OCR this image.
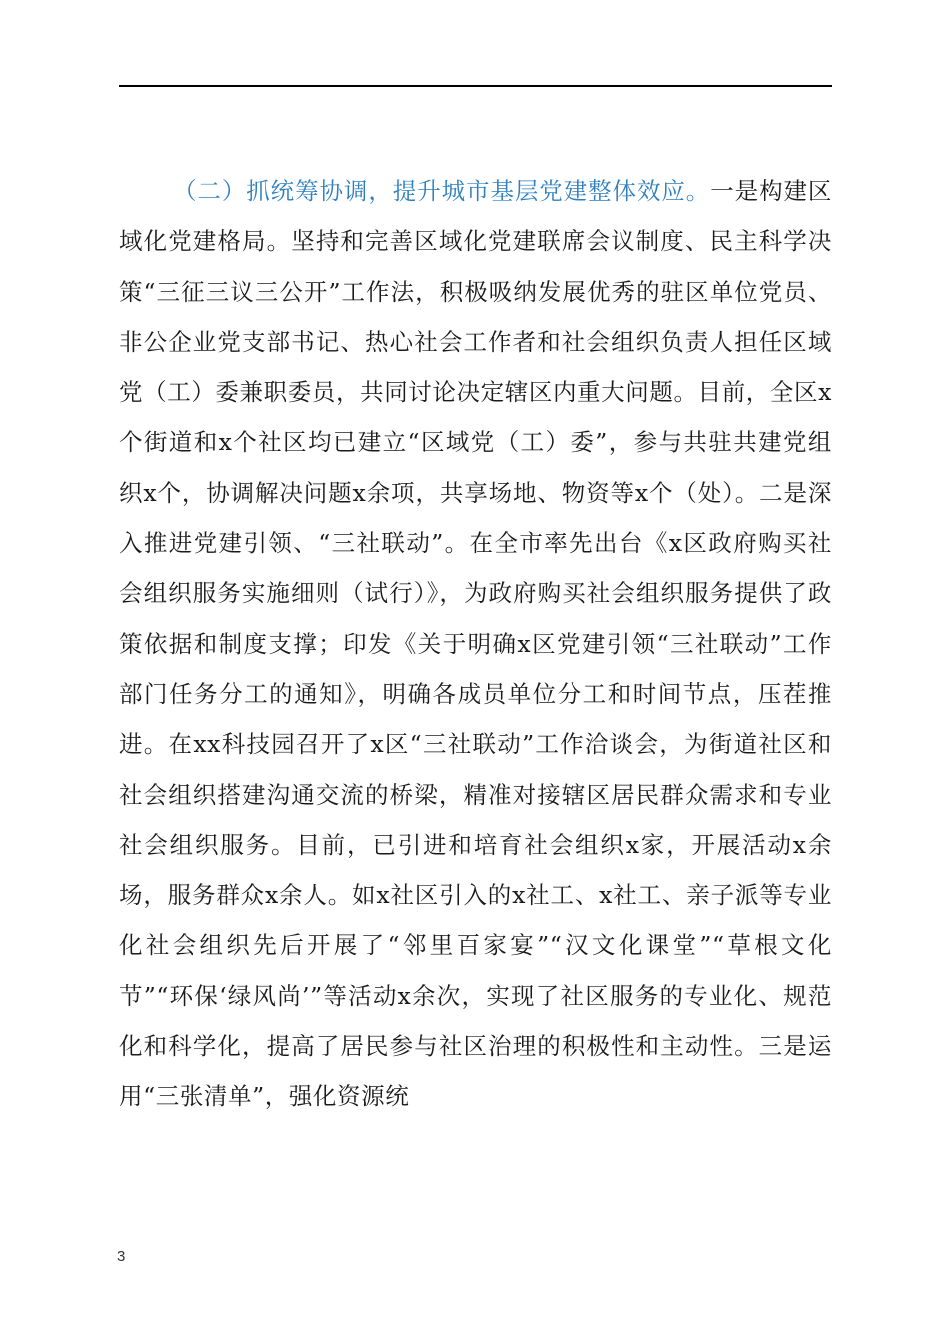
（二）抓统筹协调，提升城市基层党建整体效应。一是构建区域化党建格局。坚持和完善区域化党建联席会议制度、民主科学决策“三征三议三公开”工作法，积极吸纳发展优秀的驻区单位党员、非公企业党支部书记、热心社会工作者和社会组织负责人担任区域党（工）委兼职委员，共同讨论决定辖区内重大问题。目前，全区x个街道和x个社区均已建立“区域党（工）委”，参与共驻共建党组织x个，协调解决问题x余项，共享场地、物资等x个（处）。二是深入推进党建引领、“三社联动”。在全市率先出台《x区政府购买社会组织服务实施细则（试行）》，为政府购买社会组织服务提供了政策依据和制度支撑；印发《关于明确x区党建引领“三社联动”工作部门任务分工的通知》，明确各成员单位分工和时间节点，压茬推进。在xx科技园召开了x区“三社联动”工作洽谈会，为街道社区和社会组织搭建沟通交流的桥梁，精准对接辖区居民群众需求和专业社会组织服务。目前，已引进和培育社会组织x家，开展活动x余场，服务群众x余人。如x社区引入的x社工、x社工、亲子派等专业化社会组织先后开展了“邻里百家宴”“汉文化课堂”“草根文化节”“环保‘绿风尚’”等活动x余次，实现了社区服务的专业化、规范化和科学化，提高了居民参与社区治理的积极性和主动性。三是运用“三张清单”，强化资源统

3
